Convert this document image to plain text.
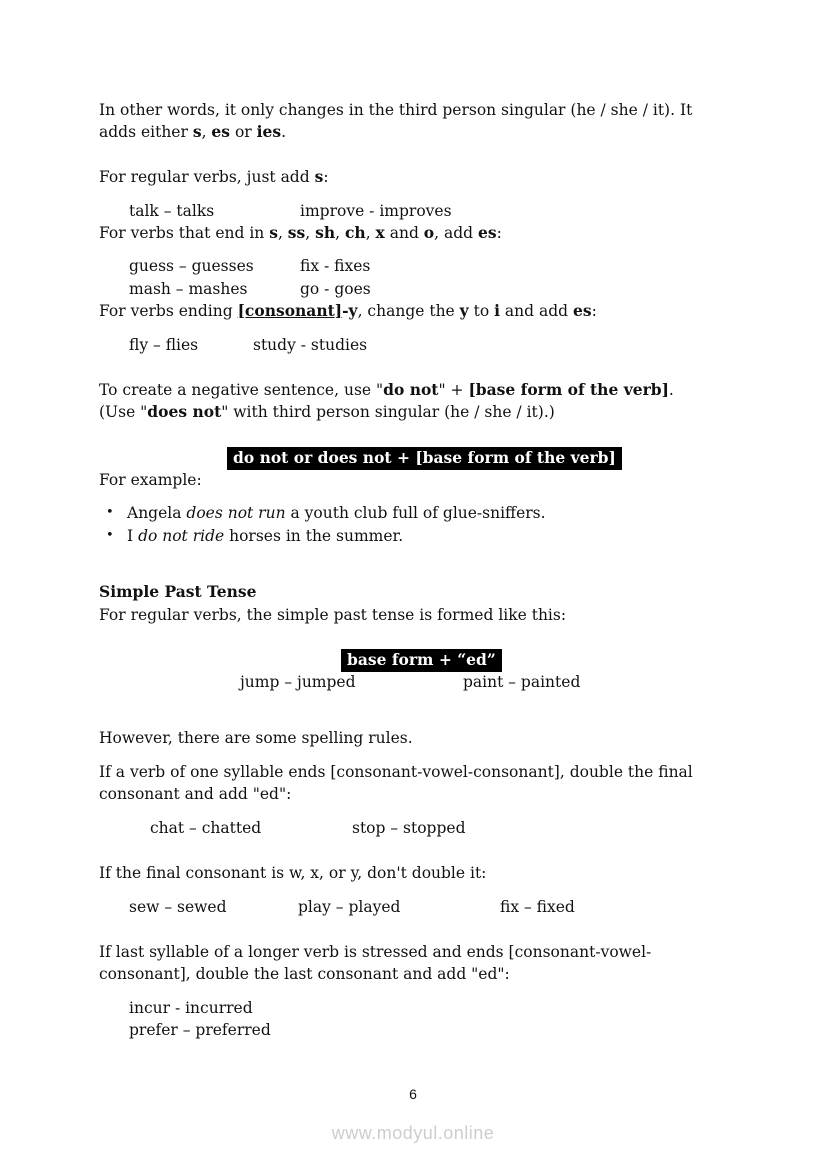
In other words, it only changes in the third person singular (he / she / it). It
adds either s, es or ies.

For regular verbs, just add s:

talk – talks	improve - improves

For verbs that end in s, ss, sh, ch, x and o, add es:

guess – guesses	fix - fixes
mash – mashes	go - goes

For verbs ending [consonant]-y, change the y to i and add es:

fly – flies	study - studies

To create a negative sentence, use "do not" + [base form of the verb].
(Use "does not" with third person singular (he / she / it).)

do not or does not + [base form of the verb]

For example:

• Angela does not run a youth club full of glue-sniffers.
• I do not ride horses in the summer.
Simple Past Tense

For regular verbs, the simple past tense is formed like this:

base form + “ed”
jump – jumped	paint – painted

However, there are some spelling rules.

If a verb of one syllable ends [consonant-vowel-consonant], double the final
consonant and add "ed":

chat – chatted	stop – stopped

If the final consonant is w, x, or y, don't double it:

sew – sewed	play – played	fix – fixed

If last syllable of a longer verb is stressed and ends [consonant-vowel-
consonant], double the last consonant and add "ed":

incur - incurred
prefer – preferred
6
www.modyul.online
